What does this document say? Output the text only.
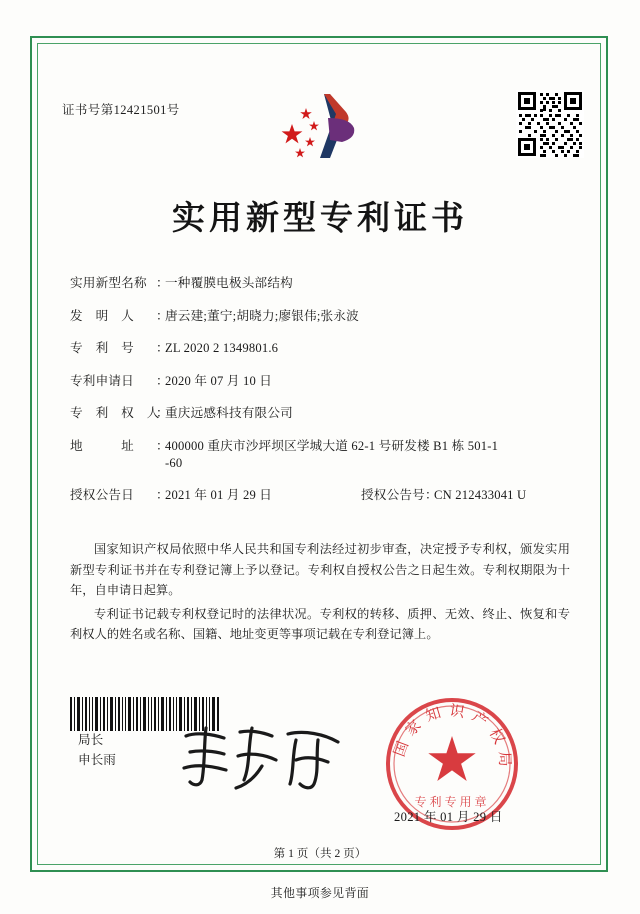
证书号第12421501号
实用新型专利证书
实用新型名称 ：
一种覆膜电极头部结构
发　明　人	：
唐云建;董宁;胡晓力;廖银伟;张永波
专　利　号	：
ZL 2020 2 1349801.6
专利申请日	：
2020 年 07 月 10 日
专　利　权　人
：
重庆远感科技有限公司
地　　　址	：
400000 重庆市沙坪坝区学城大道 62-1 号研发楼 B1 栋 501-1
-60
授权公告日	：
2021 年 01 月 29 日	授权公告号 ：
CN 212433041 U

国家知识产权局依照中华人民共和国专利法经过初步审查，决定授予专利权，颁发实用新型专利证书并在专利登记簿上予以登记。专利权自授权公告之日起生效。专利权期限为十年，自申请日起算。

专利证书记载专利权登记时的法律状况。专利权的转移、质押、无效、终止、恢复和专利权人的姓名或名称、国籍、地址变更等事项记载在专利登记簿上。

局长
申长雨
国家知识产权局
专利专用章
2021 年 01 月 29 日
第 1 页（共 2 页）
其他事项参见背面
